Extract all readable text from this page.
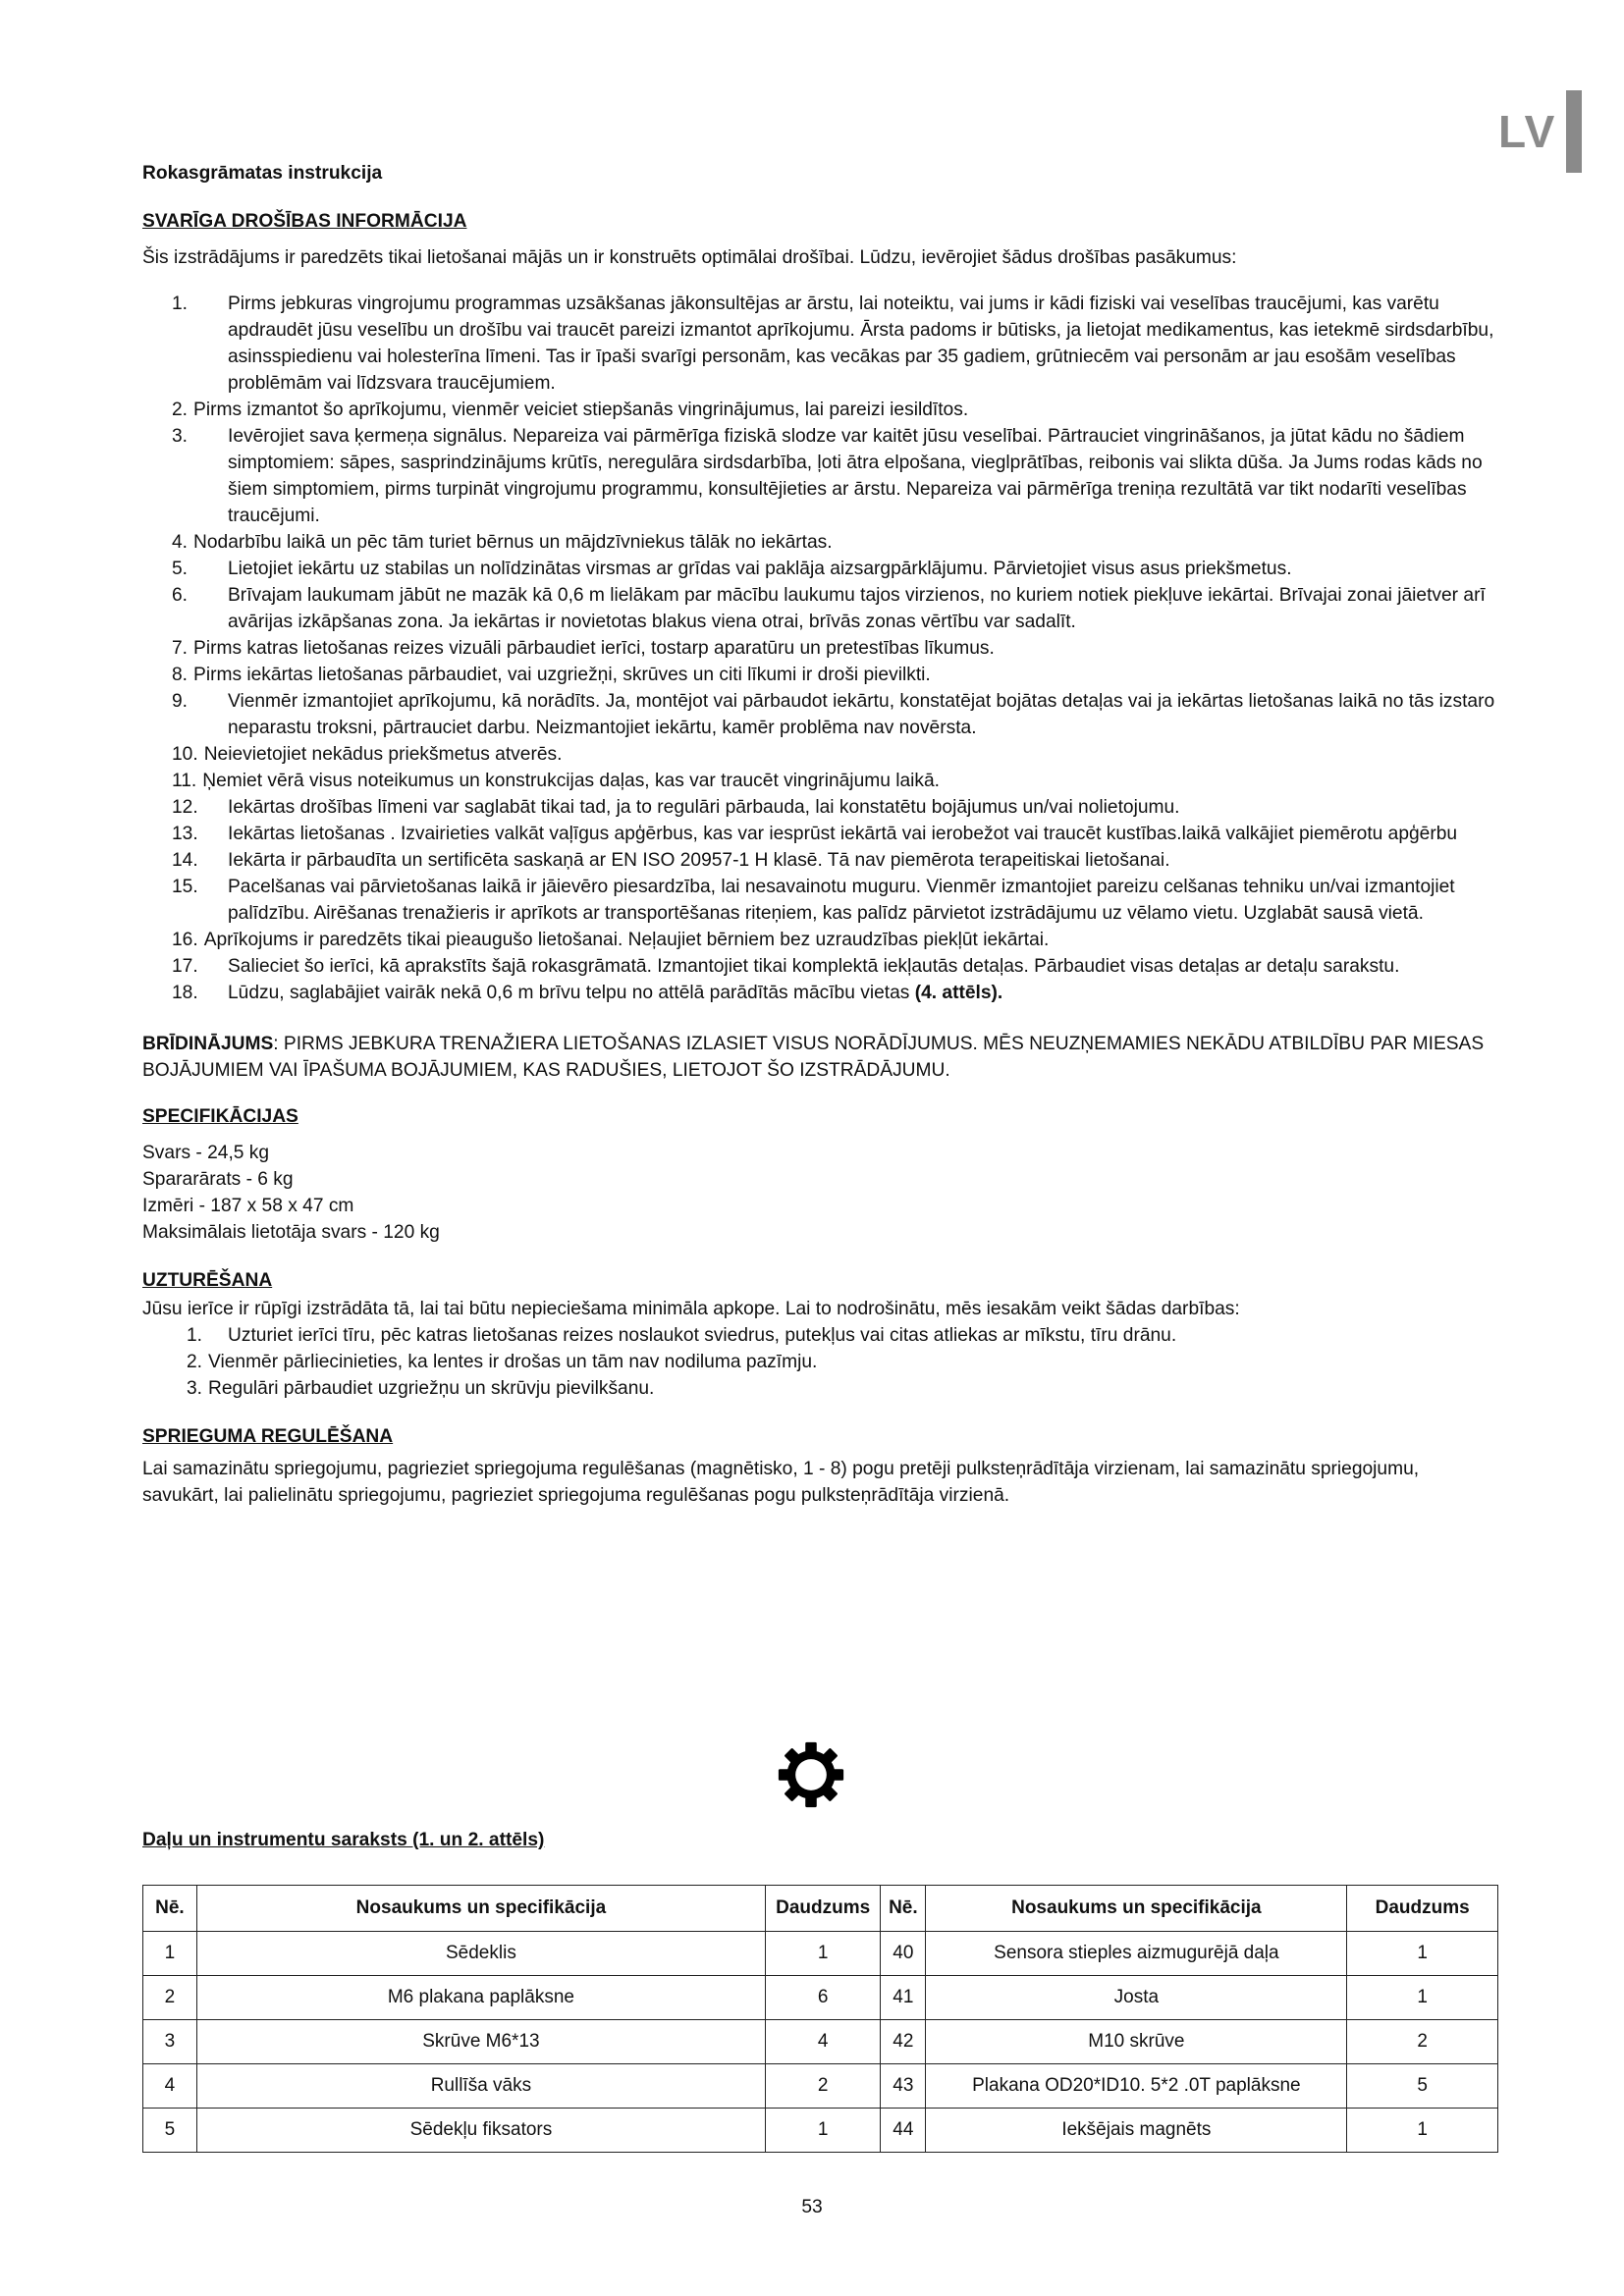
LV
Rokasgrāmatas instrukcija
SVARĪGA DROŠĪBAS INFORMĀCIJA
Šis izstrādājums ir paredzēts tikai lietošanai mājās un ir konstruēts optimālai drošībai. Lūdzu, ievērojiet šādus drošības pasākumus:
1.	Pirms jebkuras vingrojumu programmas uzsākšanas jākonsultējas ar ārstu, lai noteiktu, vai jums ir kādi fiziski vai veselības traucējumi, kas varētu apdraudēt jūsu veselību un drošību vai traucēt pareizi izmantot aprīkojumu. Ārsta padoms ir būtisks, ja lietojat medikamentus, kas ietekmē sirdsdarbību, asinsspiedienu vai holesterīna līmeni. Tas ir īpaši svarīgi personām, kas vecākas par 35 gadiem, grūtniecēm vai personām ar jau esošām veselības problēmām vai līdzsvara traucējumiem.
2. Pirms izmantot šo aprīkojumu, vienmēr veiciet stiepšanās vingrinājumus, lai pareizi iesildītos.
3.	Ievērojiet sava ķermeņa signālus. Nepareiza vai pārmērīga fiziskā slodze var kaitēt jūsu veselībai. Pārtrauciet vingrināšanos, ja jūtat kādu no šādiem simptomiem: sāpes, sasprindzinājums krūtīs, neregulāra sirdsdarbība, ļoti ātra elpošana, vieglprātības, reibonis vai slikta dūša. Ja Jums rodas kāds no šiem simptomiem, pirms turpināt vingrojumu programmu, konsultējieties ar ārstu. Nepareiza vai pārmērīga treniņa rezultātā var tikt nodarīti veselības traucējumi.
4. Nodarbību laikā un pēc tām turiet bērnus un mājdzīvniekus tālāk no iekārtas.
5.	Lietojiet iekārtu uz stabilas un nolīdzinātas virsmas ar grīdas vai paklāja aizsargpārklājumu. Pārvietojiet visus asus priekšmetus.
6.	Brīvajam laukumam jābūt ne mazāk kā 0,6 m lielākam par mācību laukumu tajos virzienos, no kuriem notiek piekļuve iekārtai. Brīvajai zonai jāietver arī avārijas izkāpšanas zona. Ja iekārtas ir novietotas blakus viena otrai, brīvās zonas vērtību var sadalīt.
7. Pirms katras lietošanas reizes vizuāli pārbaudiet ierīci, tostarp aparatūru un pretestības līkumus.
8. Pirms iekārtas lietošanas pārbaudiet, vai uzgriežņi, skrūves un citi līkumi ir droši pievilkti.
9.	Vienmēr izmantojiet aprīkojumu, kā norādīts. Ja, montējot vai pārbaudot iekārtu, konstatējat bojātas detaļas vai ja iekārtas lietošanas laikā no tās izstaro neparastu troksni, pārtrauciet darbu. Neizmantojiet iekārtu, kamēr problēma nav novērsta.
10. Neievietojiet nekādus priekšmetus atverēs.
11. Ņemiet vērā visus noteikumus un konstrukcijas daļas, kas var traucēt vingrinājumu laikā.
12.	Iekārtas drošības līmeni var saglabāt tikai tad, ja to regulāri pārbauda, lai konstatētu bojājumus un/vai nolietojumu.
13.	Iekārtas lietošanas . Izvairieties valkāt vaļīgus apģērbus, kas var iesprūst iekārtā vai ierobežot vai traucēt kustības.laikā valkājiet piemērotu apģērbu
14.	Iekārta ir pārbaudīta un sertificēta saskaņā ar EN ISO 20957-1 H klasē. Tā nav piemērota terapeitiskai lietošanai.
15.	Pacelšanas vai pārvietošanas laikā ir jāievēro piesardzība, lai nesavainotu muguru. Vienmēr izmantojiet pareizu celšanas tehniku un/vai izmantojiet palīdzību. Airēšanas trenažieris ir aprīkots ar transportēšanas riteņiem, kas palīdz pārvietot izstrādājumu uz vēlamo vietu. Uzglabāt sausā vietā.
16. Aprīkojums ir paredzēts tikai pieaugušo lietošanai. Neļaujiet bērniem bez uzraudzības piekļūt iekārtai.
17.	Salieciet šo ierīci, kā aprakstīts šajā rokasgrāmatā. Izmantojiet tikai komplektā iekļautās detaļas. Pārbaudiet visas detaļas ar detaļu sarakstu.
18.	Lūdzu, saglabājiet vairāk nekā 0,6 m brīvu telpu no attēlā parādītās mācību vietas (4. attēls).
BRĪDINĀJUMS: PIRMS JEBKURA TRENAŽIERA LIETOŠANAS IZLASIET VISUS NORĀDĪJUMUS. MĒS NEUZŅEMAMIES NEKĀDU ATBILDĪBU PAR MIESAS BOJĀJUMIEM VAI ĪPAŠUMA BOJĀJUMIEM, KAS RADUŠIES, LIETOJOT ŠO IZSTRĀDĀJUMU.
SPECIFIKĀCIJAS
Svars - 24,5 kg
Spararārats - 6 kg
Izmēri - 187 x 58 x 47 cm
Maksimālais lietotāja svars - 120 kg
UZTURĒŠANA
Jūsu ierīce ir rūpīgi izstrādāta tā, lai tai būtu nepieciešama minimāla apkope. Lai to nodrošinātu, mēs iesakām veikt šādas darbības:
1.	Uzturiet ierīci tīru, pēc katras lietošanas reizes noslaukot sviedrus, putekļus vai citas atliekas ar mīkstu, tīru drānu.
2. Vienmēr pārliecinieties, ka lentes ir drošas un tām nav nodiluma pazīmju.
3. Regulāri pārbaudiet uzgriežņu un skrūvju pievilkšanu.
SPRIEGUMA REGULĒŠANA
Lai samazinātu spriegojumu, pagrieziet spriegojuma regulēšanas (magnētisko, 1 - 8) pogu pretēji pulksteņrādītāja virzienam, lai samazinātu spriegojumu, savukārt, lai palielinātu spriegojumu, pagrieziet spriegojuma regulēšanas pogu pulksteņrādītāja virzienā.
Daļu un instrumentu saraksts (1. un 2. attēls)
Nē.	Nosaukums un specifikācija	Daudzums	Nē.	Nosaukums un specifikācija	Daudzums
1	Sēdeklis	1	40	Sensora stieples aizmugurējā daļa	1
2	M6 plakana paplāksne	6	41	Josta	1
3	Skrūve M6*13	4	42	M10 skrūve	2
4	Rullīša vāks	2	43	Plakana OD20*ID10. 5*2 .0T paplāksne	5
5	Sēdekļu fiksators	1	44	Iekšējais magnēts	1
53
